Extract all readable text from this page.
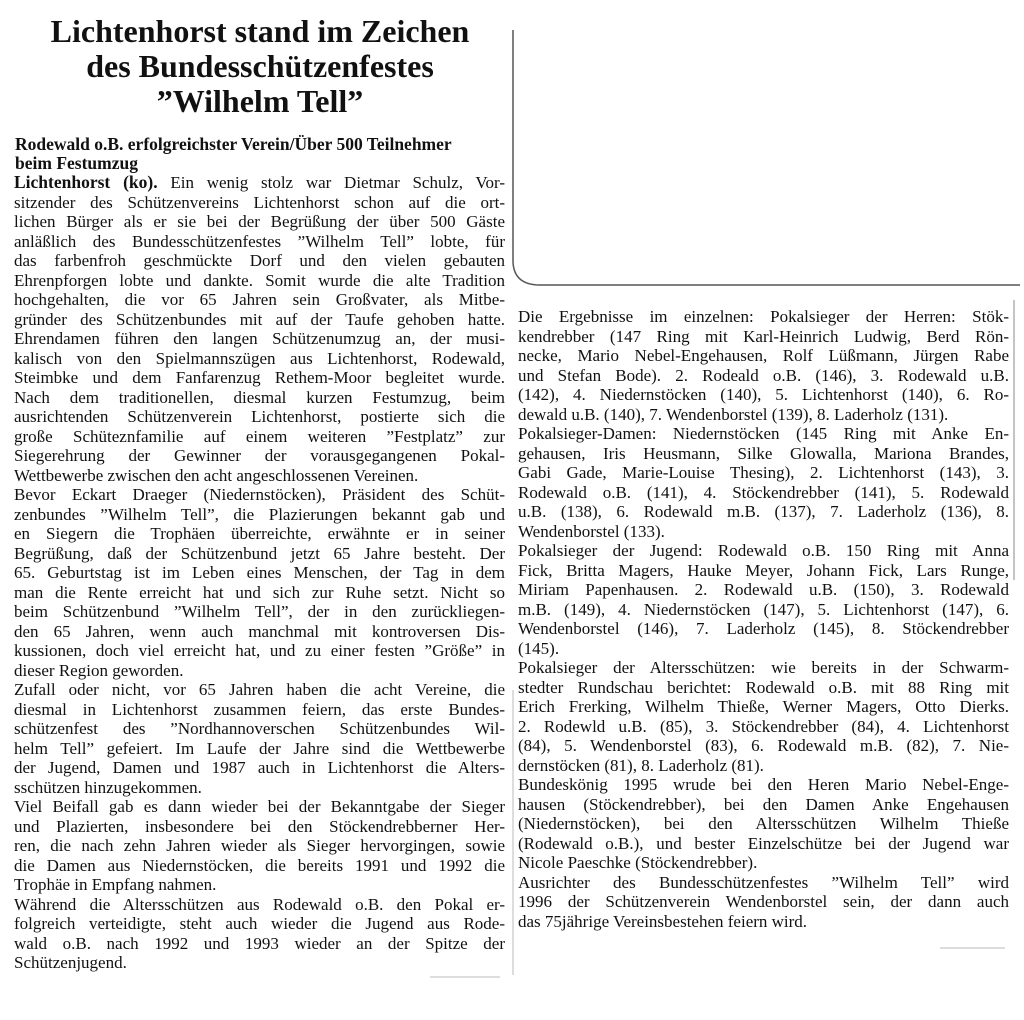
Lichtenhorst stand im Zeichen
des Bundesschützenfestes
”Wilhelm Tell”
Rodewald o.B. erfolgreichster Verein/Über 500 Teilnehmer
beim Festumzug
Lichtenhorst (ko). Ein wenig stolz war Dietmar Schulz, Vor-
sitzender des Schützenvereins Lichtenhorst schon auf die ort-
lichen Bürger als er sie bei der Begrüßung der über 500 Gäste
anläßlich des Bundesschützenfestes ”Wilhelm Tell” lobte, für
das farbenfroh geschmückte Dorf und den vielen gebauten
Ehrenpforgen lobte und dankte. Somit wurde die alte Tradition
hochgehalten, die vor 65 Jahren sein Großvater, als Mitbe-
gründer des Schützenbundes mit auf der Taufe gehoben hatte.
Ehrendamen führen den langen Schützenumzug an, der musi-
kalisch von den Spielmannszügen aus Lichtenhorst, Rodewald,
Steimbke und dem Fanfarenzug Rethem-Moor begleitet wurde.
Nach dem traditionellen, diesmal kurzen Festumzug, beim
ausrichtenden Schützenverein Lichtenhorst, postierte sich die
große Schüteznfamilie auf einem weiteren ”Festplatz” zur
Siegerehrung der Gewinner der vorausgegangenen Pokal-
Wettbewerbe zwischen den acht angeschlossenen Vereinen.
Bevor Eckart Draeger (Niedernstöcken), Präsident des Schüt-
zenbundes ”Wilhelm Tell”, die Plazierungen bekannt gab und
en Siegern die Trophäen überreichte, erwähnte er in seiner
Begrüßung, daß der Schützenbund jetzt 65 Jahre besteht. Der
65. Geburtstag ist im Leben eines Menschen, der Tag in dem
man die Rente erreicht hat und sich zur Ruhe setzt. Nicht so
beim Schützenbund ”Wilhelm Tell”, der in den zurückliegen-
den 65 Jahren, wenn auch manchmal mit kontroversen Dis-
kussionen, doch viel erreicht hat, und zu einer festen ”Größe” in
dieser Region geworden.
Zufall oder nicht, vor 65 Jahren haben die acht Vereine, die
diesmal in Lichtenhorst zusammen feiern, das erste Bundes-
schützenfest des ”Nordhannoverschen Schützenbundes Wil-
helm Tell” gefeiert. Im Laufe der Jahre sind die Wettbewerbe
der Jugend, Damen und 1987 auch in Lichtenhorst die Alters-
sschützen hinzugekommen.
Viel Beifall gab es dann wieder bei der Bekanntgabe der Sieger
und Plazierten, insbesondere bei den Stöckendrebberner Her-
ren, die nach zehn Jahren wieder als Sieger hervorgingen, sowie
die Damen aus Niedernstöcken, die bereits 1991 und 1992 die
Trophäe in Empfang nahmen.
Während die Altersschützen aus Rodewald o.B. den Pokal er-
folgreich verteidigte, steht auch wieder die Jugend aus Rode-
wald o.B. nach 1992 und 1993 wieder an der Spitze der
Schützenjugend.
Die Ergebnisse im einzelnen: Pokalsieger der Herren: Stök-
kendrebber (147 Ring mit Karl-Heinrich Ludwig, Berd Rön-
necke, Mario Nebel-Engehausen, Rolf Lüßmann, Jürgen Rabe
und Stefan Bode). 2. Rodeald o.B. (146), 3. Rodewald u.B.
(142), 4. Niedernstöcken (140), 5. Lichtenhorst (140), 6. Ro-
dewald u.B. (140), 7. Wendenborstel (139), 8. Laderholz (131).
Pokalsieger-Damen: Niedernstöcken (145 Ring mit Anke En-
gehausen, Iris Heusmann, Silke Glowalla, Mariona Brandes,
Gabi Gade, Marie-Louise Thesing), 2. Lichtenhorst (143), 3.
Rodewald o.B. (141), 4. Stöckendrebber (141), 5. Rodewald
u.B. (138), 6. Rodewald m.B. (137), 7. Laderholz (136), 8.
Wendenborstel (133).
Pokalsieger der Jugend: Rodewald o.B. 150 Ring mit Anna
Fick, Britta Magers, Hauke Meyer, Johann Fick, Lars Runge,
Miriam Papenhausen. 2. Rodewald u.B. (150), 3. Rodewald
m.B. (149), 4. Niedernstöcken (147), 5. Lichtenhorst (147), 6.
Wendenborstel (146), 7. Laderholz (145), 8. Stöckendrebber
(145).
Pokalsieger der Altersschützen: wie bereits in der Schwarm-
stedter Rundschau berichtet: Rodewald o.B. mit 88 Ring mit
Erich Frerking, Wilhelm Thieße, Werner Magers, Otto Dierks.
2. Rodewld u.B. (85), 3. Stöckendrebber (84), 4. Lichtenhorst
(84), 5. Wendenborstel (83), 6. Rodewald m.B. (82), 7. Nie-
dernstöcken (81), 8. Laderholz (81).
Bundeskönig 1995 wrude bei den Heren Mario Nebel-Enge-
hausen (Stöckendrebber), bei den Damen Anke Engehausen
(Niedernstöcken), bei den Altersschützen Wilhelm Thieße
(Rodewald o.B.), und bester Einzelschütze bei der Jugend war
Nicole Paeschke (Stöckendrebber).
Ausrichter des Bundesschützenfestes ”Wilhelm Tell” wird
1996 der Schützenverein Wendenborstel sein, der dann auch
das 75jährige Vereinsbestehen feiern wird.
